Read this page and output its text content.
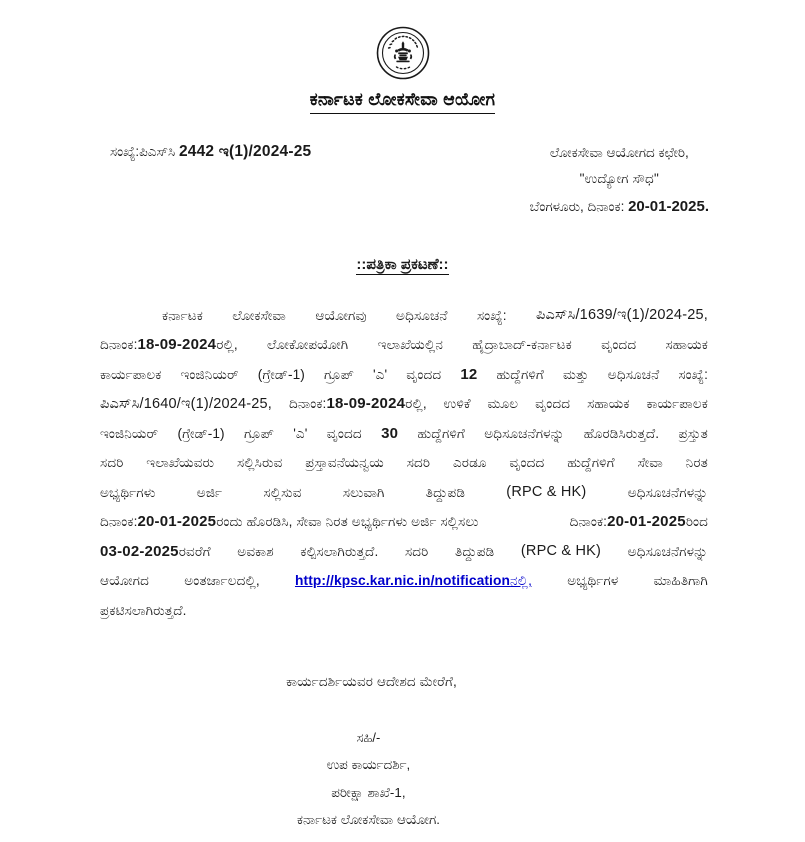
ಕರ್ನಾಟಕ ಲೋಕಸೇವಾ ಆಯೋಗ
ಸಂಖ್ಯೆ:ಪಿಎಸ್‌ಸಿ 2442 ಇ(1)/2024-25	ಲೋಕಸೇವಾ ಆಯೋಗದ ಕಛೇರಿ,
"ಉದ್ಯೋಗ ಸೌಧ"
ಬೆಂಗಳೂರು, ದಿನಾಂಕ: 20-01-2025.
::ಪತ್ರಿಕಾ ಪ್ರಕಟಣೆ::
ಕರ್ನಾಟಕ ಲೋಕಸೇವಾ ಆಯೋಗವು ಅಧಿಸೂಚನೆ ಸಂಖ್ಯೆ: ಪಿಎಸ್‌ಸಿ/1639/ಇ(1)/2024-25,
ದಿನಾಂಕ:18-09-2024ರಲ್ಲಿ, ಲೋಕೋಪಯೋಗಿ ಇಲಾಖೆಯಲ್ಲಿನ ಹೈದ್ರಾಬಾದ್-ಕರ್ನಾಟಕ ವೃಂದದ ಸಹಾಯಕ
ಕಾರ್ಯಪಾಲಕ ಇಂಜಿನಿಯರ್ (ಗ್ರೇಡ್-1) ಗ್ರೂಪ್ 'ಎ' ವೃಂದದ 12 ಹುದ್ದೆಗಳಿಗೆ ಮತ್ತು ಅಧಿಸೂಚನೆ ಸಂಖ್ಯೆ:
ಪಿಎಸ್‌ಸಿ/1640/ಇ(1)/2024-25, ದಿನಾಂಕ:18-09-2024ರಲ್ಲಿ, ಉಳಿಕೆ ಮೂಲ ವೃಂದದ ಸಹಾಯಕ ಕಾರ್ಯಪಾಲಕ
ಇಂಜಿನಿಯರ್ (ಗ್ರೇಡ್-1) ಗ್ರೂಪ್ 'ಎ' ವೃಂದದ 30 ಹುದ್ದೆಗಳಿಗೆ ಅಧಿಸೂಚನೆಗಳನ್ನು ಹೊರಡಿಸಿರುತ್ತದೆ. ಪ್ರಸ್ತುತ
ಸದರಿ ಇಲಾಖೆಯವರು ಸಲ್ಲಿಸಿರುವ ಪ್ರಸ್ತಾವನೆಯನ್ವಯ ಸದರಿ ಎರಡೂ ವೃಂದದ ಹುದ್ದೆಗಳಿಗೆ ಸೇವಾ ನಿರತ
ಅಭ್ಯರ್ಥಿಗಳು	ಅರ್ಜಿ	ಸಲ್ಲಿಸುವ	ಸಲುವಾಗಿ	ತಿದ್ದುಪಡಿ	(RPC & HK)	ಅಧಿಸೂಚನೆಗಳನ್ನು
ದಿನಾಂಕ:20-01-2025ರಂದು ಹೊರಡಿಸಿ, ಸೇವಾ ನಿರತ ಅಭ್ಯರ್ಥಿಗಳು ಅರ್ಜಿ ಸಲ್ಲಿಸಲು	ದಿನಾಂಕ:20-01-2025ರಿಂದ
03-02-2025ರವರೆಗೆ ಅವಕಾಶ ಕಲ್ಪಿಸಲಾಗಿರುತ್ತದೆ. ಸದರಿ ತಿದ್ದುಪಡಿ (RPC & HK) ಅಧಿಸೂಚನೆಗಳನ್ನು
ಆಯೋಗದ	ಅಂತರ್ಜಾಲದಲ್ಲಿ,	http://kpsc.kar.nic.in/notificationನಲ್ಲಿ,	ಅಭ್ಯರ್ಥಿಗಳ	ಮಾಹಿತಿಗಾಗಿ
ಪ್ರಕಟಿಸಲಾಗಿರುತ್ತದೆ.
ಕಾರ್ಯದರ್ಶಿಯವರ ಆದೇಶದ ಮೇರೆಗೆ,
ಸಹಿ/-
ಉಪ ಕಾರ್ಯದರ್ಶಿ,
ಪರೀಕ್ಷಾ ಶಾಖೆ-1,
ಕರ್ನಾಟಕ ಲೋಕಸೇವಾ ಆಯೋಗ.
